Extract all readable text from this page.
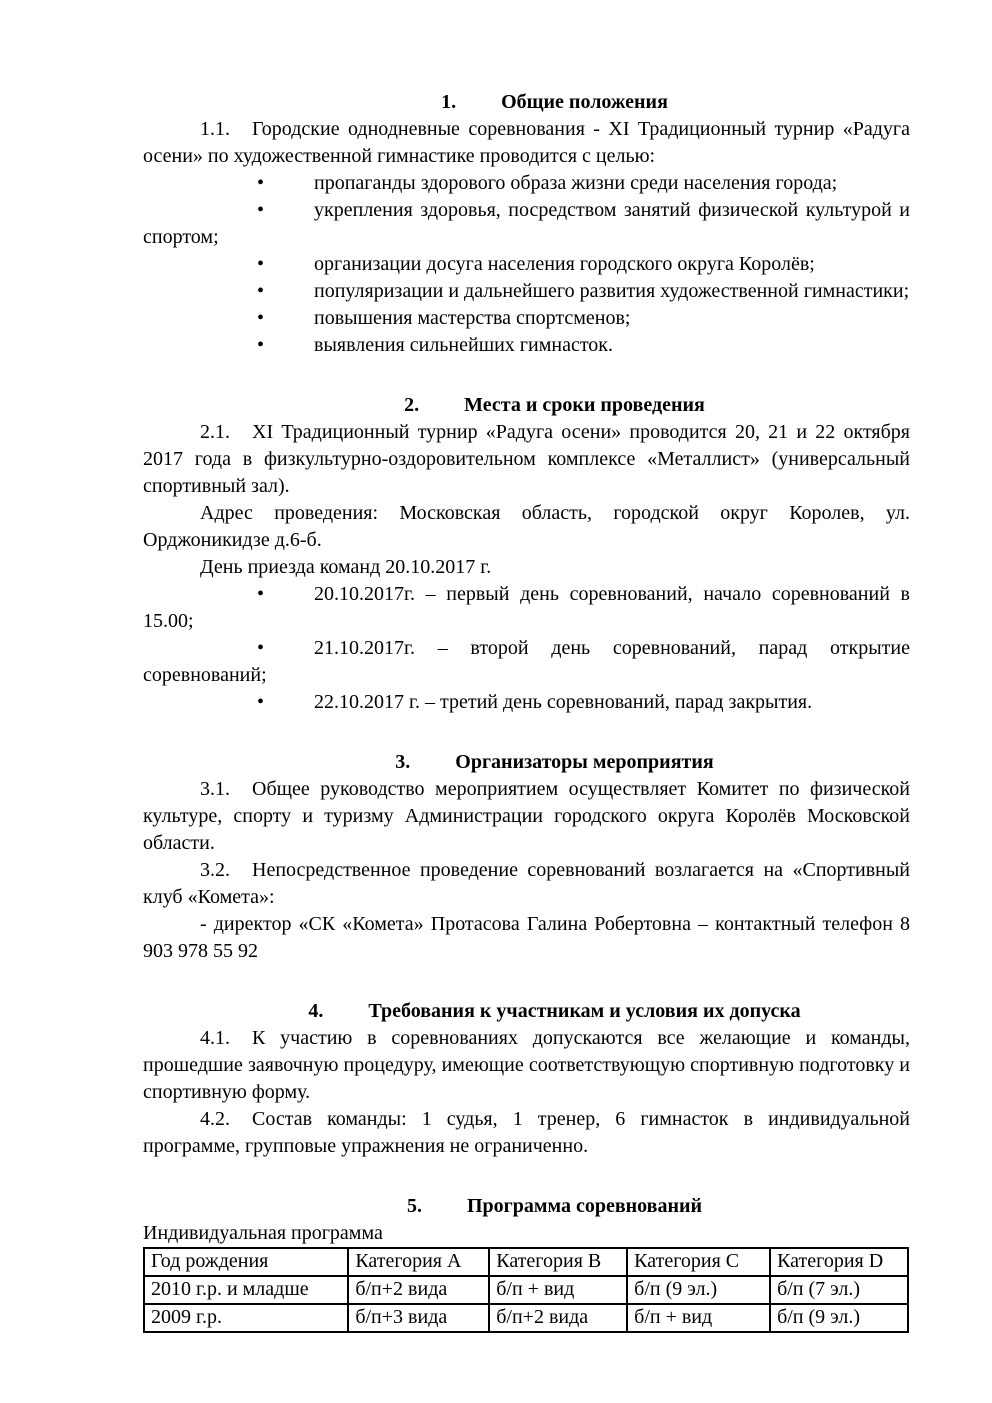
1. Общие положения

1.1. Городские однодневные соревнования - XI Традиционный турнир «Радуга осени» по художественной гимнастике проводится с целью:

•	пропаганды здорового образа жизни среди населения города;

•	укрепления здоровья, посредством занятий физической культурой и спортом;

•	организации досуга населения городского округа Королёв;

•	популяризации и дальнейшего развития художественной гимнастики;

•	повышения мастерства спортсменов;

•	выявления сильнейших гимнасток.

2. Места и сроки проведения

2.1. XI Традиционный турнир «Радуга осени» проводится 20, 21 и 22 октября 2017 года в физкультурно-оздоровительном комплексе «Металлист» (универсальный спортивный зал).

Адрес проведения: Московская область, городской округ Королев, ул. Орджоникидзе д.6-б.

День приезда команд 20.10.2017 г.

•	20.10.2017г. – первый день соревнований, начало соревнований в 15.00;

•	21.10.2017г. – второй день соревнований, парад открытие соревнований;

•	22.10.2017 г. – третий день соревнований, парад закрытия.

3. Организаторы мероприятия

3.1. Общее руководство мероприятием осуществляет Комитет по физической культуре, спорту и туризму Администрации городского округа Королёв Московской области.

3.2. Непосредственное проведение соревнований возлагается на «Спортивный клуб «Комета»:

- директор «СК «Комета» Протасова Галина Робертовна – контактный телефон 8 903 978 55 92

4. Требования к участникам и условия их допуска

4.1. К участию в соревнованиях допускаются все желающие и команды, прошедшие заявочную процедуру, имеющие соответствующую спортивную подготовку и спортивную форму.

4.2. Состав команды: 1 судья, 1 тренер, 6 гимнасток в индивидуальной программе, групповые упражнения не ограниченно.

5. Программа соревнований

Индивидуальная программа

Год рождения	Категория A	Категория B	Категория C	Категория D
2010 г.р. и младше	б/п+2 вида	б/п + вид	б/п (9 эл.)	б/п (7 эл.)
2009 г.р.	б/п+3 вида	б/п+2 вида	б/п + вид	б/п (9 эл.)
